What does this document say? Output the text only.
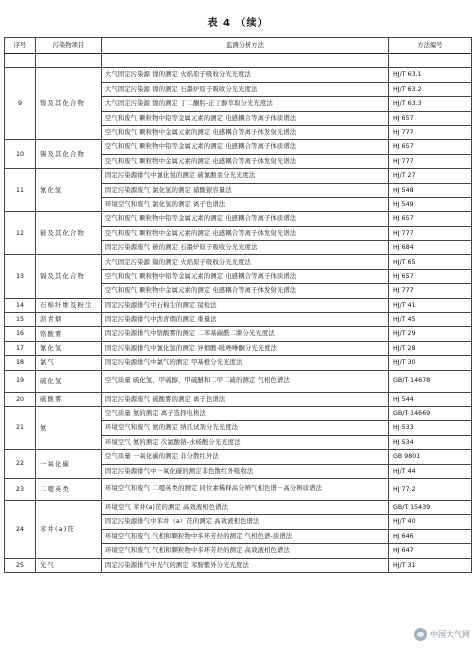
表 4 （续）
序号	污染物项目	监测分析方法	方法编号

9	镍及其化合物	大气固定污染源 镍的测定 火焰原子吸收分光光度法	HJ/T 63.1
		大气固定污染源 镍的测定 石墨炉原子吸收分光光度法	HJ/T 63.2
		大气固定污染源 镍的测定 丁二酮肟-正丁醇萃取分光光度法	HJ/T 63.3
		空气和废气 颗粒物中铅等金属元素的测定 电感耦合等离子体质谱法	HJ 657
		空气和废气 颗粒物中金属元素的测定 电感耦合等离子体发射光谱法	HJ 777
10	锡及其化合物	空气和废气 颗粒物中铅等金属元素的测定 电感耦合等离子体质谱法	HJ 657
		空气和废气 颗粒物中金属元素的测定 电感耦合等离子体发射光谱法	HJ 777
11	氰化氢	固定污染源排气中氰化氢的测定 硫氰酸汞分光光度法	HJ/T 27
		固定污染源废气 氯化氢的测定 硝酸银容量法	HJ 548
		环境空气和废气 氯化氢的测定 离子色谱法	HJ 549
12	铍及其化合物	空气和废气 颗粒物中铅等金属元素的测定 电感耦合等离子体质谱法	HJ 657
		空气和废气 颗粒物中金属元素的测定 电感耦合等离子体发射光谱法	HJ 777
		固定污染源废气 铍的测定 石墨炉原子吸收分光光度法	HJ 684
13	镉及其化合物	大气固定污染源 镉的测定 火焰原子吸收分光光度法	HJ/T 65
		空气和废气 颗粒物中铅等金属元素的测定 电感耦合等离子体质谱法	HJ 657
		空气和废气 颗粒物中金属元素的测定 电感耦合等离子体发射光谱法	HJ 777
14	石棉纤维及粉尘	固定污染源排气中石棉尘的测定 镜检法	HJ/T 41
15	沥青烟	固定污染源排气中沥青烟的测定 重量法	HJ/T 45
16	铬酸雾	固定污染源排气中铬酸雾的测定 二苯基碳酰二肼分光光度法	HJ/T 29
17	氰化氢	固定污染源排气中氰化氢的测定 异烟酸-吡唑啉酮分光光度法	HJ/T 28
18	氯气	固定污染源排气中氯气的测定 甲基橙分光光度法	HJ/T 30
19	硫化氢	空气质量 硫化氢、甲硫醇、甲硫醚和二甲二硫的测定 气相色谱法	GB/T 14678
20	硫酸雾	固定污染源废气 硫酸雾的测定 离子色谱法	HJ 544
21	氨	空气质量 氨的测定 离子选择电极法	GB/T 14669
		环境空气和废气 氨的测定 纳氏试剂分光光度法	HJ 533
		环境空气 氨的测定 次氯酸钠-水杨酸分光光度法	HJ 534
22	一氧化碳	空气质量 一氧化碳的测定 非分散红外法	GB 9801
		固定污染源排气中一氧化碳的测定非色散红外吸收法	HJ/T 44
23	二噁英类	环境空气和废气 二噁英类的测定 同位素稀释高分辨气相色谱－高分辨质谱法	HJ 77.2
24	苯并(a)芘	环境空气 苯并(a)芘的测定 高效液相色谱法	GB/T 15439
		固定污染源排气中苯并（a）芘的测定 高效液相色谱法	HJ/T 40
		环境空气和废气 气相和颗粒物中多环芳烃的测定 气相色谱-质谱法	HJ 646
		环境空气和废气 气相和颗粒物中多环芳烃的测定 高效液相色谱法	HJ 647
25	光气	固定污染源排气中光气的测定 苯胺紫外分光光度法	HJ/T 31
中国大气网
